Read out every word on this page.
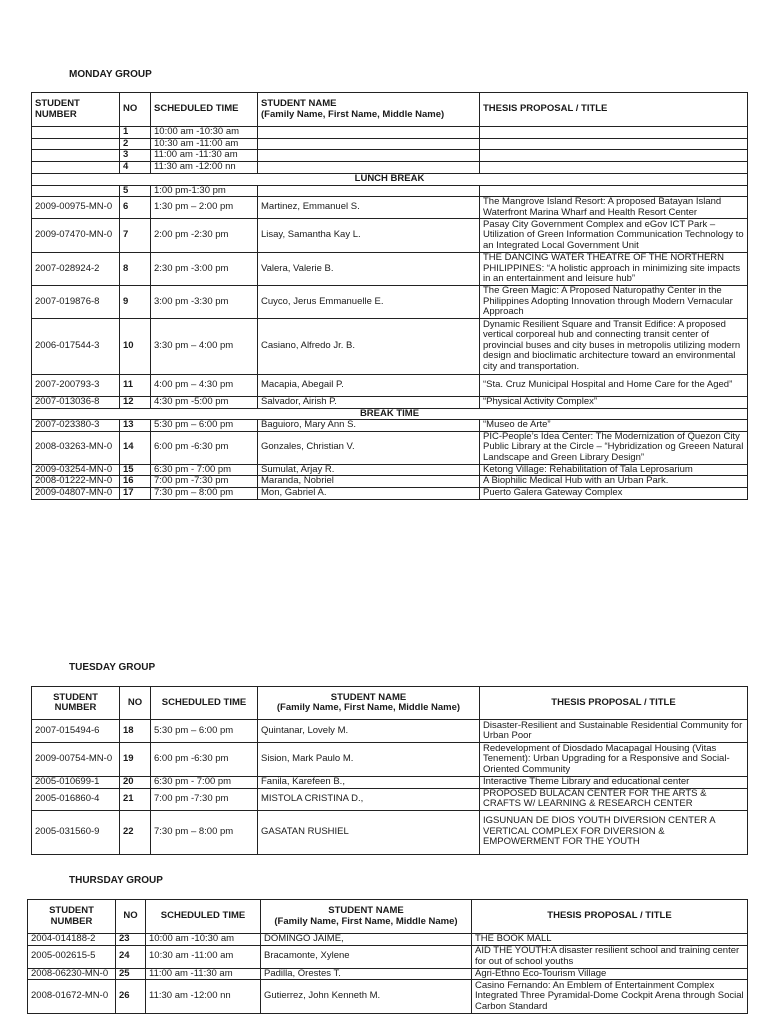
MONDAY GROUP
STUDENT NUMBER	NO	SCHEDULED TIME	STUDENT NAME
(Family Name, First Name, Middle Name)	THESIS PROPOSAL / TITLE
	1	10:00 am -10:30 am		
	2	10:30 am -11:00 am		
	3	11:00 am -11:30 am		
	4	11:30 am -12:00 nn		
LUNCH BREAK				
	5	1:00 pm-1:30 pm		
2009-00975-MN-0	6	1:30 pm – 2:00 pm	Martinez, Emmanuel S.	The Mangrove Island Resort: A proposed Batayan Island Waterfront Marina Wharf and Health Resort Center
2009-07470-MN-0	7	2:00 pm -2:30 pm	Lisay, Samantha Kay L.	Pasay City Government Complex and eGov ICT Park – Utilization of Green Information Communication Technology to an Integrated Local Government Unit
2007-028924-2	8	2:30 pm -3:00 pm	Valera, Valerie B.	THE DANCING WATER THEATRE OF THE NORTHERN PHILIPPINES: “A holistic approach in minimizing site impacts in an entertainment and leisure hub”
2007-019876-8	9	3:00 pm -3:30 pm	Cuyco, Jerus Emmanuelle E.	The Green Magic: A Proposed Naturopathy Center in the Philippines Adopting Innovation through Modern Vernacular Approach
2006-017544-3	10	3:30 pm – 4:00 pm	Casiano, Alfredo Jr. B.	Dynamic Resilient Square and Transit Edifice: A proposed vertical corporeal hub and connecting transit center of provincial buses and city buses in metropolis utilizing modern design and bioclimatic architecture toward an environmental city and transportation.
2007-200793-3	11	4:00 pm – 4:30 pm	Macapia, Abegail P.	“Sta. Cruz Municipal Hospital and Home Care for the Aged”
2007-013036-8	12	4:30 pm -5:00 pm	Salvador, Airish P.	“Physical Activity Complex”
BREAK TIME				
2007-023380-3	13	5:30 pm – 6:00 pm	Baguioro, Mary Ann S.	“Museo de Arte”
2008-03263-MN-0	14	6:00 pm -6:30 pm	Gonzales, Christian V.	PIC-People’s Idea Center: The Modernization of Quezon City Public Library at the Circle – “Hybridization og Greeen Natural Landscape and Green Library Design”
2009-03254-MN-0	15	6:30 pm - 7:00 pm	Sumulat, Arjay R.	Ketong Village: Rehabilitation of Tala Leprosarium
2008-01222-MN-0	16	7:00 pm -7:30 pm	Maranda, Nobriel	A Biophilic Medical Hub with an Urban Park.
2009-04807-MN-0	17	7:30 pm – 8:00 pm	Mon, Gabriel A.	Puerto Galera Gateway Complex
TUESDAY GROUP
STUDENT NUMBER	NO	SCHEDULED TIME	STUDENT NAME
(Family Name, First Name, Middle Name)	THESIS PROPOSAL / TITLE
2007-015494-6	18	5:30 pm – 6:00 pm	Quintanar, Lovely M.	Disaster-Resilient and Sustainable Residential Community for Urban Poor
2009-00754-MN-0	19	6:00 pm -6:30 pm	Sision, Mark Paulo M.	Redevelopment of Diosdado Macapagal Housing (Vitas Tenement): Urban Upgrading for a Responsive and Social-Oriented Community
2005-010699-1	20	6:30 pm - 7:00 pm	Fanila, Karefeen B.,	Interactive Theme Library and educational center
2005-016860-4	21	7:00 pm -7:30 pm	MISTOLA CRISTINA D.,	PROPOSED BULACAN CENTER FOR THE ARTS & CRAFTS W/ LEARNING & RESEARCH CENTER
2005-031560-9	22	7:30 pm – 8:00 pm	GASATAN RUSHIEL	IGSUNUAN DE DIOS YOUTH DIVERSION CENTER A VERTICAL COMPLEX FOR DIVERSION & EMPOWERMENT FOR THE YOUTH
THURSDAY GROUP
STUDENT NUMBER	NO	SCHEDULED TIME	STUDENT NAME
(Family Name, First Name, Middle Name)	THESIS PROPOSAL / TITLE
2004-014188-2	23	10:00 am -10:30 am	DOMINGO JAIME,	THE BOOK MALL
2005-002615-5	24	10:30 am -11:00 am	Bracamonte, Xylene	AID THE YOUTH:A disaster resilient school and training center for out of school youths
2008-06230-MN-0	25	11:00 am -11:30 am	Padilla, Orestes T.	Agri-Ethno Eco-Tourism Village
2008-01672-MN-0	26	11:30 am -12:00 nn	Gutierrez, John Kenneth M.	Casino Fernando: An Emblem of Entertainment Complex Integrated Three Pyramidal-Dome Cockpit Arena through Social Carbon Standard
